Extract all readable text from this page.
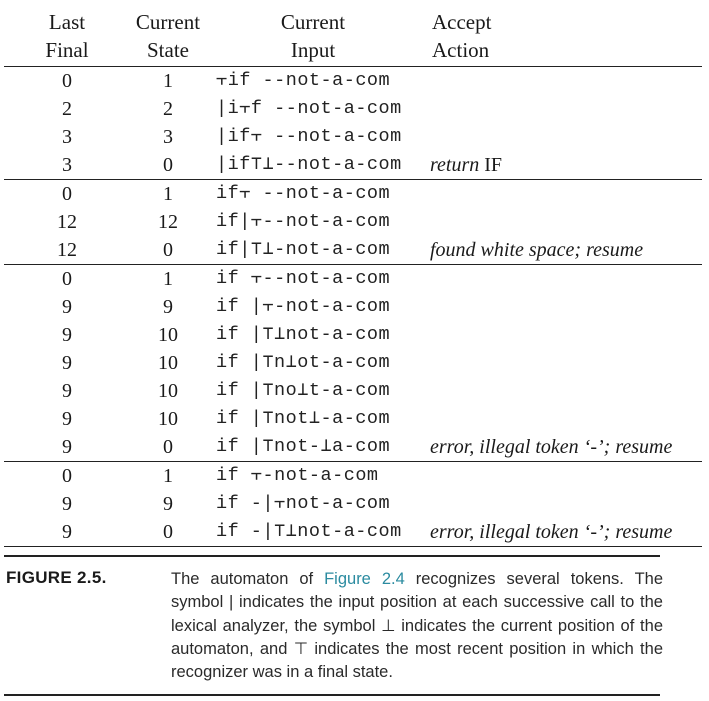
Last	Current	Current	Accept
Final	State	Input	Action
0	1	⫟if --not-a-com	
2	2	|i⫟f --not-a-com	
3	3	|if⫟ --not-a-com	
3	0	|if⊤⊥--not-a-com	return IF
0	1	if⫟ --not-a-com	
12	12	if|⫟--not-a-com	
12	0	if|⊤⊥-not-a-com	found white space; resume
0	1	if ⫟--not-a-com	
9	9	if |⫟-not-a-com	
9	10	if |⊤⊥not-a-com	
9	10	if |⊤n⊥ot-a-com	
9	10	if |⊤no⊥t-a-com	
9	10	if |⊤not⊥-a-com	
9	0	if |⊤not-⊥a-com	error, illegal token ‘-’; resume
0	1	if ⫟-not-a-com	
9	9	if -|⫟not-a-com	
9	0	if -|⊤⊥not-a-com	error, illegal token ‘-’; resume
FIGURE 2.5.	The automaton of Figure 2.4 recognizes several tokens. The symbol | indicates the input position at each successive call to the lexical analyzer, the symbol ⊥ indicates the current position of the automaton, and ⊤ indicates the most recent position in which the recognizer was in a final state.
